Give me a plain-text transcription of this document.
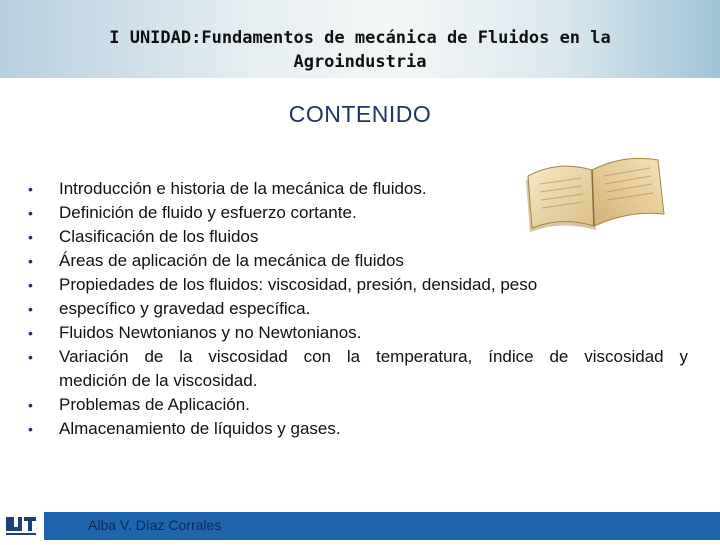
I UNIDAD:Fundamentos de mecánica de Fluidos en la
Agroindustria
CONTENIDO
•	Introducción e historia de la mecánica de fluidos.
•	Definición de fluido y esfuerzo cortante.
•	Clasificación de los fluidos
•	Áreas de aplicación de la mecánica de fluidos
•	Propiedades de los fluidos: viscosidad, presión, densidad, peso
•	específico y gravedad específica.
•	Fluidos Newtonianos y no Newtonianos.
•	Variación de la viscosidad con la temperatura, índice de viscosidad y
medición de la viscosidad.
•	Problemas de Aplicación.
•	Almacenamiento de líquidos y gases.
Alba V. Díaz Corrales
